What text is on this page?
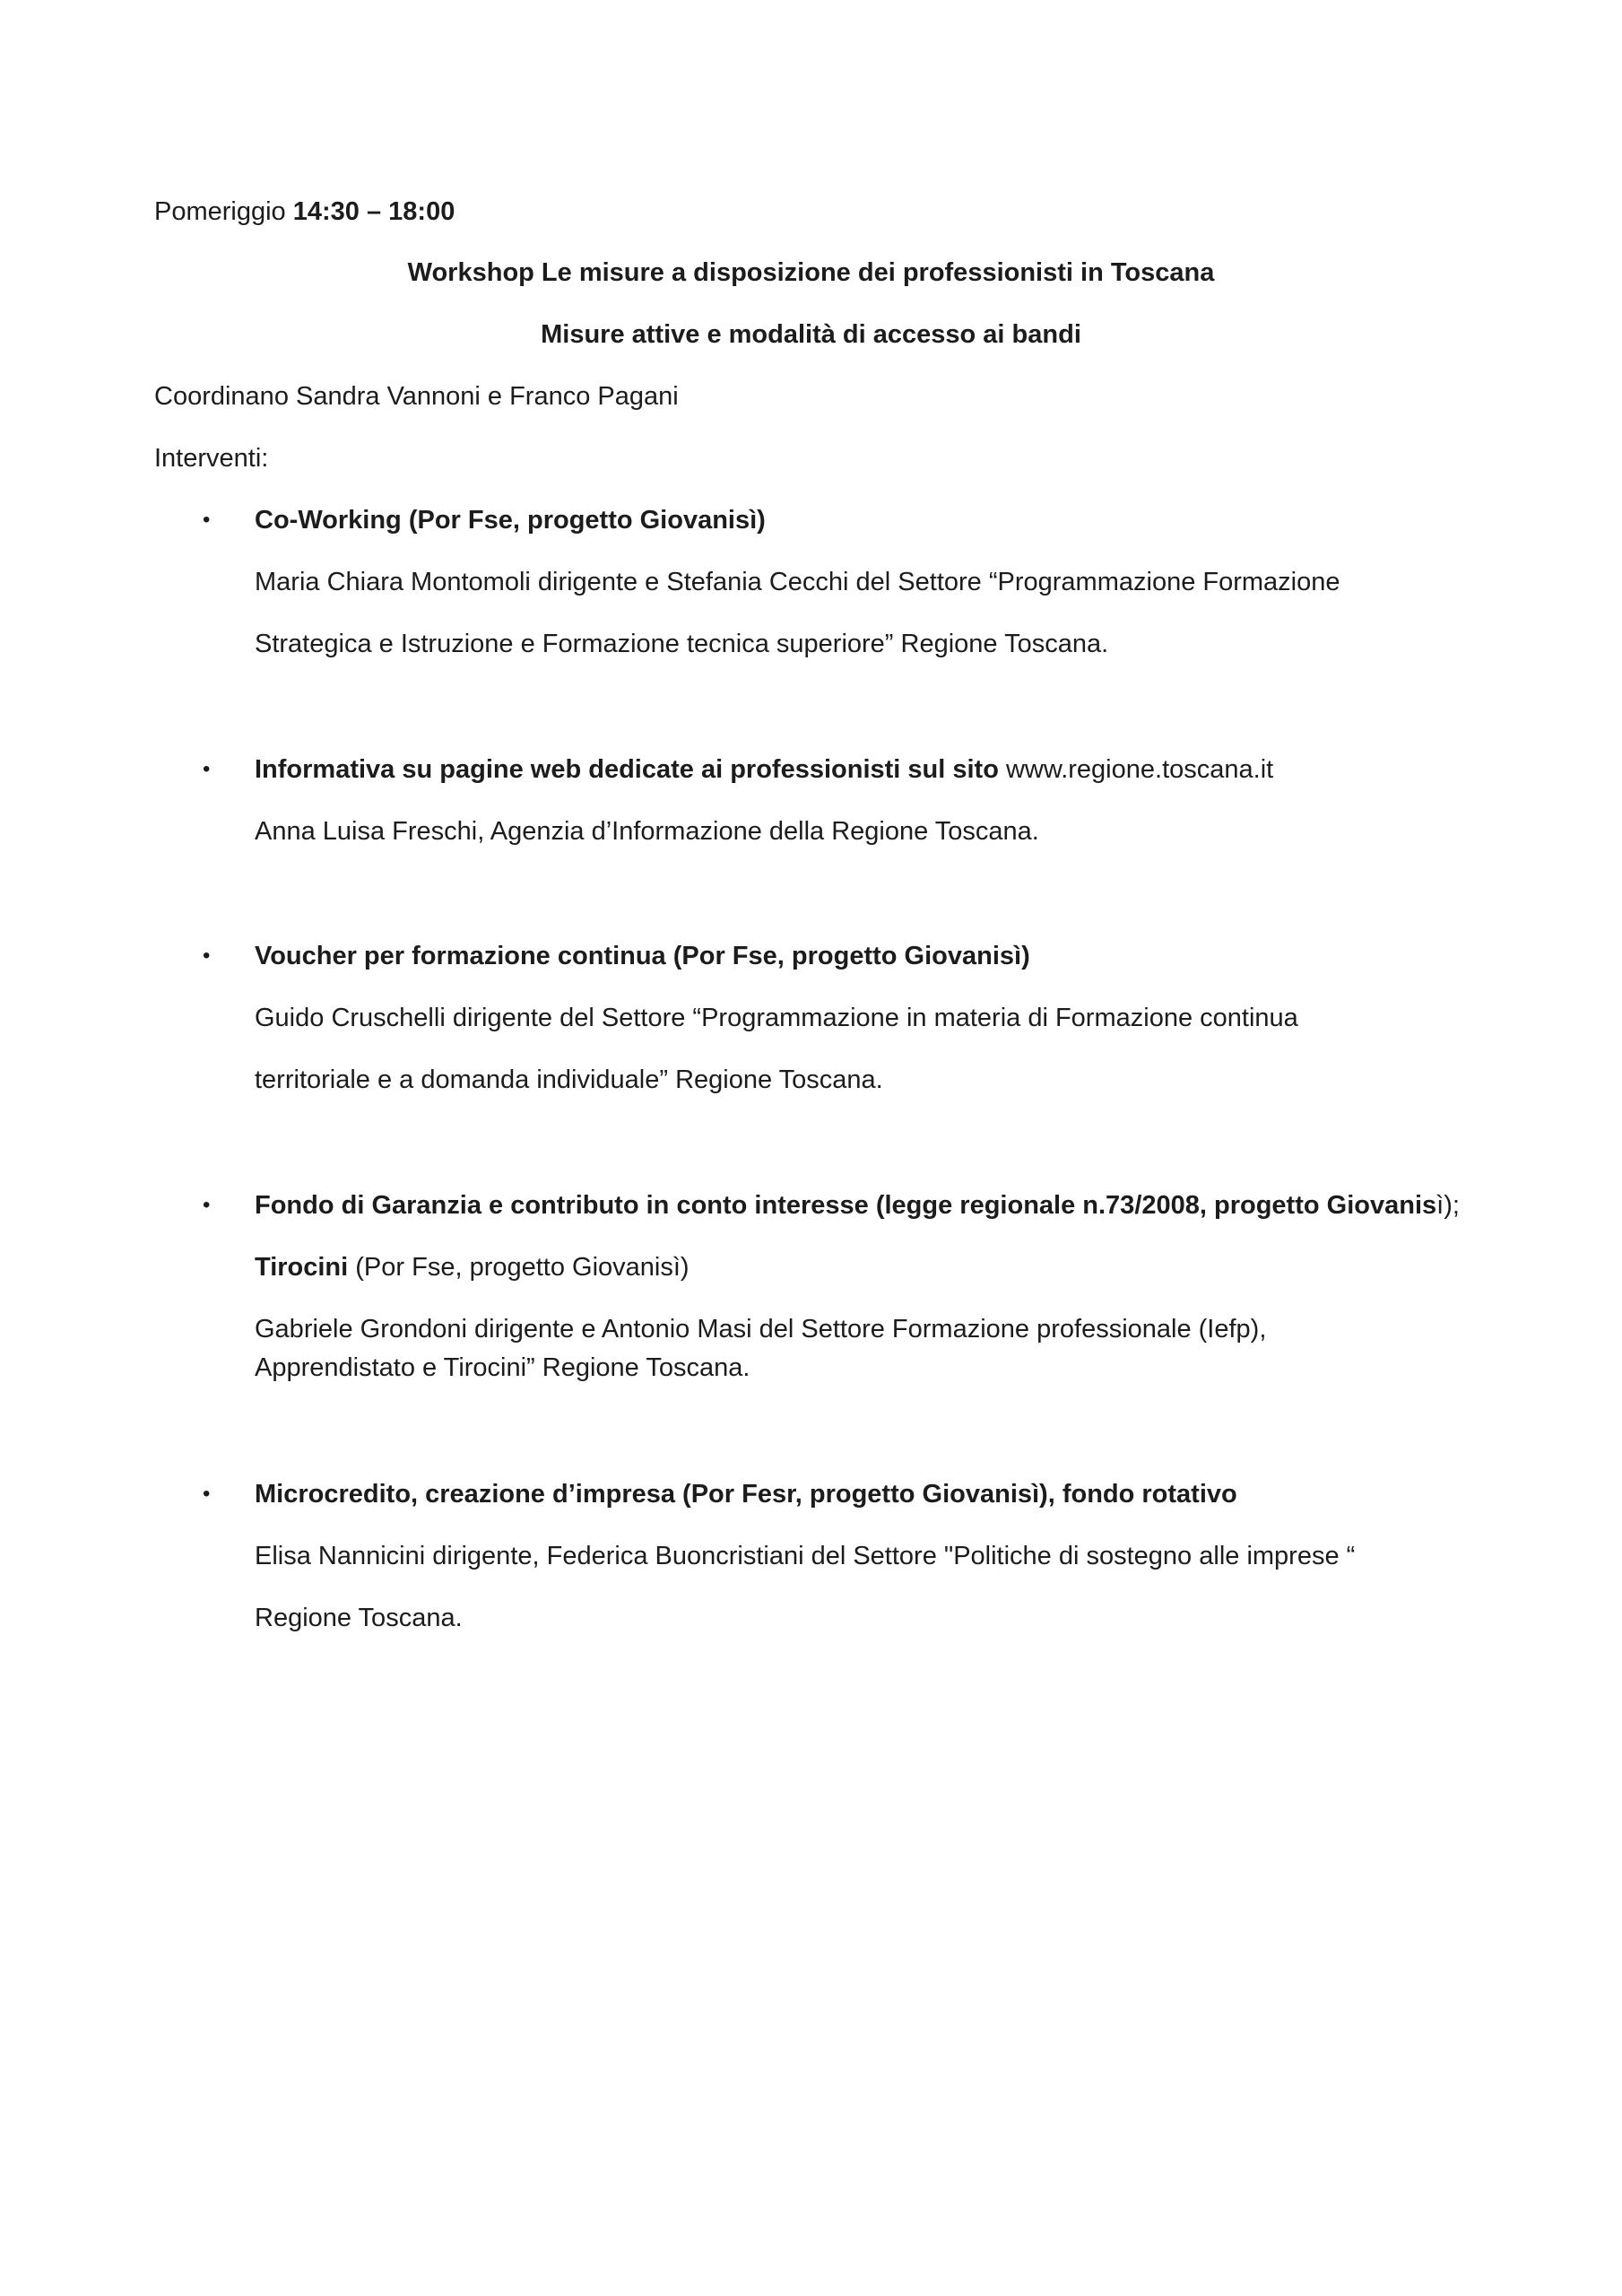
Pomeriggio 14:30 – 18:00
Workshop Le misure a disposizione dei professionisti in Toscana
Misure attive e modalità di accesso ai bandi
Coordinano Sandra Vannoni e Franco Pagani
Interventi:
• Co-Working (Por Fse, progetto Giovanisì)
Maria Chiara Montomoli dirigente e Stefania Cecchi del Settore “Programmazione Formazione
Strategica e Istruzione e Formazione tecnica superiore” Regione Toscana.
• Informativa su pagine web dedicate ai professionisti sul sito www.regione.toscana.it
Anna Luisa Freschi, Agenzia d’Informazione della Regione Toscana.
• Voucher per formazione continua (Por Fse, progetto Giovanisì)
Guido Cruschelli dirigente del Settore “Programmazione in materia di Formazione continua
territoriale e a domanda individuale” Regione Toscana.
• Fondo di Garanzia e contributo in conto interesse (legge regionale n.73/2008, progetto Giovanisì);
Tirocini (Por Fse, progetto Giovanisì)
Gabriele Grondoni dirigente e Antonio Masi del Settore Formazione professionale (Iefp),
Apprendistato e Tirocini” Regione Toscana.
• Microcredito, creazione d’impresa (Por Fesr, progetto Giovanisì), fondo rotativo
Elisa Nannicini dirigente, Federica Buoncristiani del Settore "Politiche di sostegno alle imprese “
Regione Toscana.
